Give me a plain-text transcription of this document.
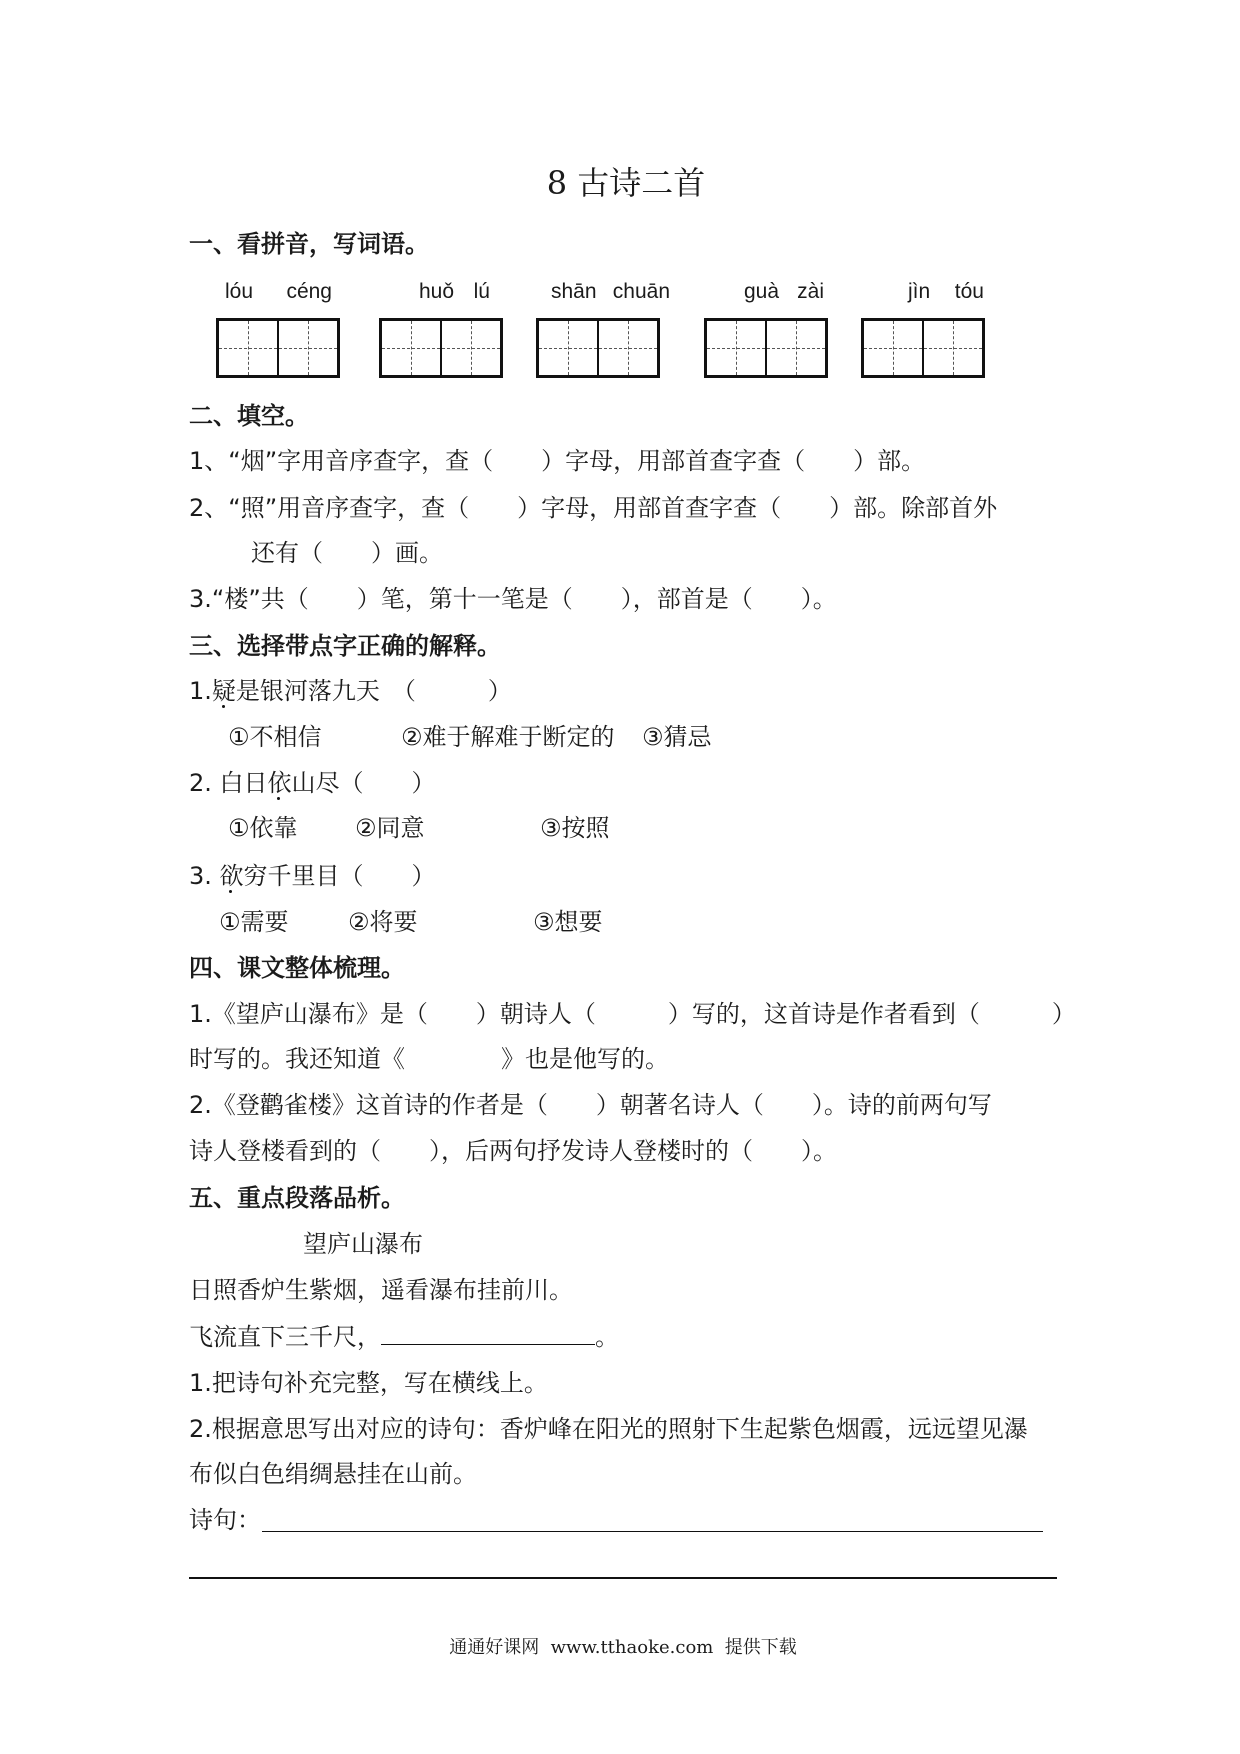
8 古诗二首
一、看拼音，写词语。
lóu céng	huǒ lú	shān chuān	guà zài	jìn tóu
二、填空。
1、“烟”字用音序查字，查（　　）字母，用部首查字查（　　）部。
2、“照”用音序查字，查（　　）字母，用部首查字查（　　）部。除部首外
还有（　　）画。
3.“楼”共（　　）笔，第十一笔是（　　），部首是（　　）。
三、选择带点字正确的解释。
1.疑是银河落九天　（　　　）
①不相信	②难于解难于断定的 ③猜忌
2. 白日依山尽（　　）
①依靠 ②同意	③按照
3. 欲穷千里目（　　）
①需要 ②将要	③想要
四、课文整体梳理。
1.《望庐山瀑布》是（　　）朝诗人（　　　）写的，这首诗是作者看到（　　　）
时写的。我还知道《　　　　》也是他写的。
2.《登鹳雀楼》这首诗的作者是（　　）朝著名诗人（　　）。诗的前两句写
诗人登楼看到的（　　），后两句抒发诗人登楼时的（　　）。
五、重点段落品析。
望庐山瀑布
日照香炉生紫烟，遥看瀑布挂前川。
飞流直下三千尺，	。
1.把诗句补充完整，写在横线上。
2.根据意思写出对应的诗句：香炉峰在阳光的照射下生起紫色烟霞，远远望见瀑
布似白色绢绸悬挂在山前。
诗句：
通通好课网  www.tthaoke.com  提供下载
